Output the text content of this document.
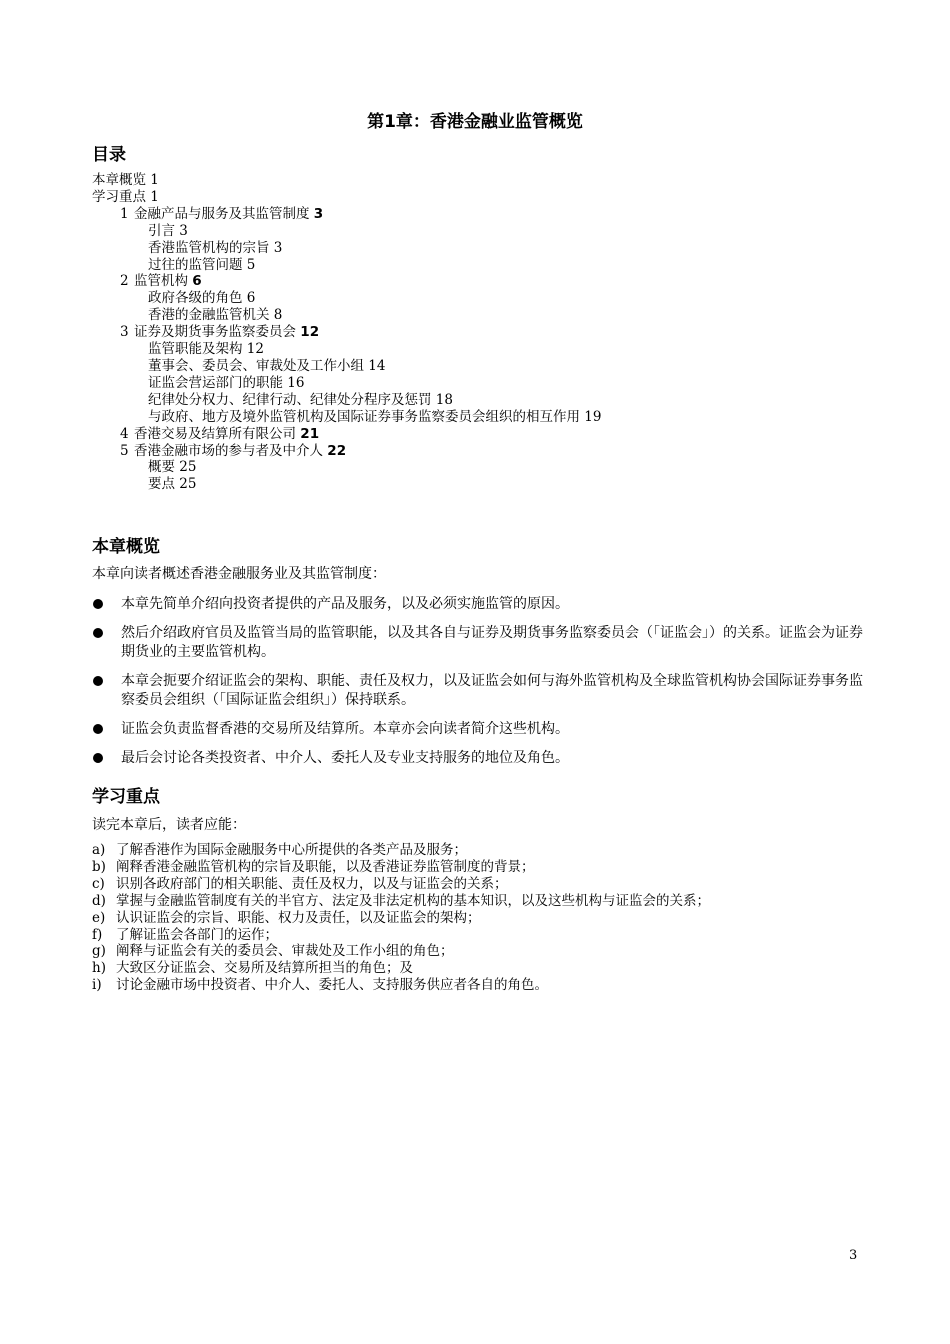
第1章：香港金融业监管概览
目录
本章概览 1
学习重点 1
1 金融产品与服务及其监管制度 3
引言 3
香港监管机构的宗旨 3
过往的监管问题 5
2 监管机构 6
政府各级的角色 6
香港的金融监管机关 8
3 证券及期货事务监察委员会 12
监管职能及架构 12
董事会、委员会、审裁处及工作小组 14
证监会营运部门的职能 16
纪律处分权力、纪律行动、纪律处分程序及惩罚 18
与政府、地方及境外监管机构及国际证券事务监察委员会组织的相互作用 19
4 香港交易及结算所有限公司 21
5 香港金融市场的参与者及中介人 22
概要 25
要点 25
本章概览
本章向读者概述香港金融服务业及其监管制度：
本章先简单介绍向投资者提供的产品及服务，以及必须实施监管的原因。
然后介绍政府官员及监管当局的监管职能，以及其各自与证券及期货事务监察委员会（「证监会」）的关系。证监会为证券期货业的主要监管机构。
本章会扼要介绍证监会的架构、职能、责任及权力，以及证监会如何与海外监管机构及全球监管机构协会国际证券事务监察委员会组织（「国际证监会组织」）保持联系。
证监会负责监督香港的交易所及结算所。本章亦会向读者简介这些机构。
最后会讨论各类投资者、中介人、委托人及专业支持服务的地位及角色。
学习重点
读完本章后，读者应能：
a) 了解香港作为国际金融服务中心所提供的各类产品及服务；
b) 阐释香港金融监管机构的宗旨及职能，以及香港证券监管制度的背景；
c) 识别各政府部门的相关职能、责任及权力，以及与证监会的关系；
d) 掌握与金融监管制度有关的半官方、法定及非法定机构的基本知识，以及这些机构与证监会的关系；
e) 认识证监会的宗旨、职能、权力及责任，以及证监会的架构；
f) 了解证监会各部门的运作；
g) 阐释与证监会有关的委员会、审裁处及工作小组的角色；
h) 大致区分证监会、交易所及结算所担当的角色；及
i) 讨论金融市场中投资者、中介人、委托人、支持服务供应者各自的角色。
3
